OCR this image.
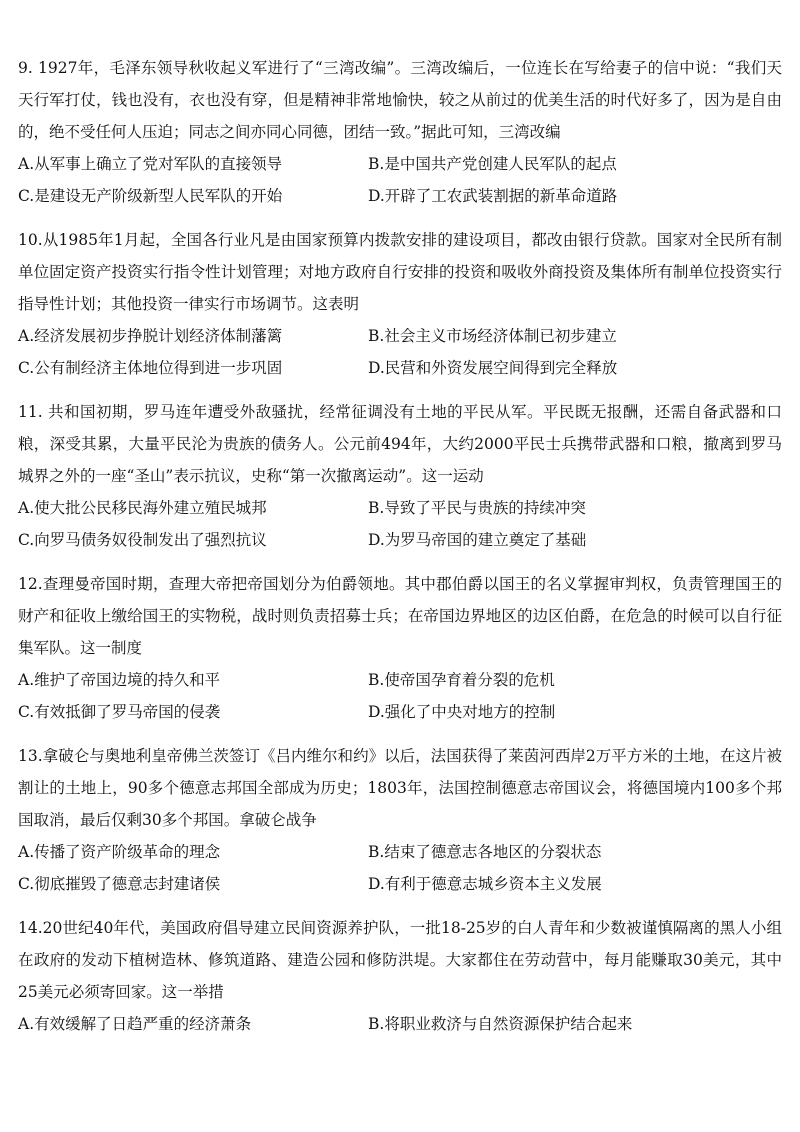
9. 1927年，毛泽东领导秋收起义军进行了“三湾改编”。三湾改编后，一位连长在写给妻子的信中说：“我们天天行军打仗，钱也没有，衣也没有穿，但是精神非常地愉快，较之从前过的优美生活的时代好多了，因为是自由的，绝不受任何人压迫；同志之间亦同心同德，团结一致。”据此可知，三湾改编

A.从军事上确立了党对军队的直接领导	B.是中国共产党创建人民军队的起点
C.是建设无产阶级新型人民军队的开始	D.开辟了工农武装割据的新革命道路

10.从1985年1月起，全国各行业凡是由国家预算内拨款安排的建设项目，都改由银行贷款。国家对全民所有制单位固定资产投资实行指令性计划管理；对地方政府自行安排的投资和吸收外商投资及集体所有制单位投资实行指导性计划；其他投资一律实行市场调节。这表明

A.经济发展初步挣脱计划经济体制藩篱	B.社会主义市场经济体制已初步建立
C.公有制经济主体地位得到进一步巩固	D.民营和外资发展空间得到完全释放

11. 共和国初期，罗马连年遭受外敌骚扰，经常征调没有土地的平民从军。平民既无报酬，还需自备武器和口粮，深受其累，大量平民沦为贵族的债务人。公元前494年，大约2000平民士兵携带武器和口粮，撤离到罗马城界之外的一座“圣山”表示抗议，史称“第一次撤离运动”。这一运动

A.使大批公民移民海外建立殖民城邦	B.导致了平民与贵族的持续冲突
C.向罗马债务奴役制发出了强烈抗议	D.为罗马帝国的建立奠定了基础

12.查理曼帝国时期，查理大帝把帝国划分为伯爵领地。其中郡伯爵以国王的名义掌握审判权，负责管理国王的财产和征收上缴给国王的实物税，战时则负责招募士兵；在帝国边界地区的边区伯爵，在危急的时候可以自行征集军队。这一制度

A.维护了帝国边境的持久和平	B.使帝国孕育着分裂的危机
C.有效抵御了罗马帝国的侵袭	D.强化了中央对地方的控制

13.拿破仑与奥地利皇帝佛兰茨签订《吕内维尔和约》以后，法国获得了莱茵河西岸2万平方米的土地，在这片被割让的土地上，90多个德意志邦国全部成为历史；1803年，法国控制德意志帝国议会，将德国境内100多个邦国取消，最后仅剩30多个邦国。拿破仑战争

A.传播了资产阶级革命的理念	B.结束了德意志各地区的分裂状态
C.彻底摧毁了德意志封建诸侯	D.有利于德意志城乡资本主义发展

14.20世纪40年代，美国政府倡导建立民间资源养护队，一批18-25岁的白人青年和少数被谨慎隔离的黑人小组在政府的发动下植树造林、修筑道路、建造公园和修防洪堤。大家都住在劳动营中，每月能赚取30美元，其中25美元必须寄回家。这一举措

A.有效缓解了日趋严重的经济萧条	B.将职业救济与自然资源保护结合起来
